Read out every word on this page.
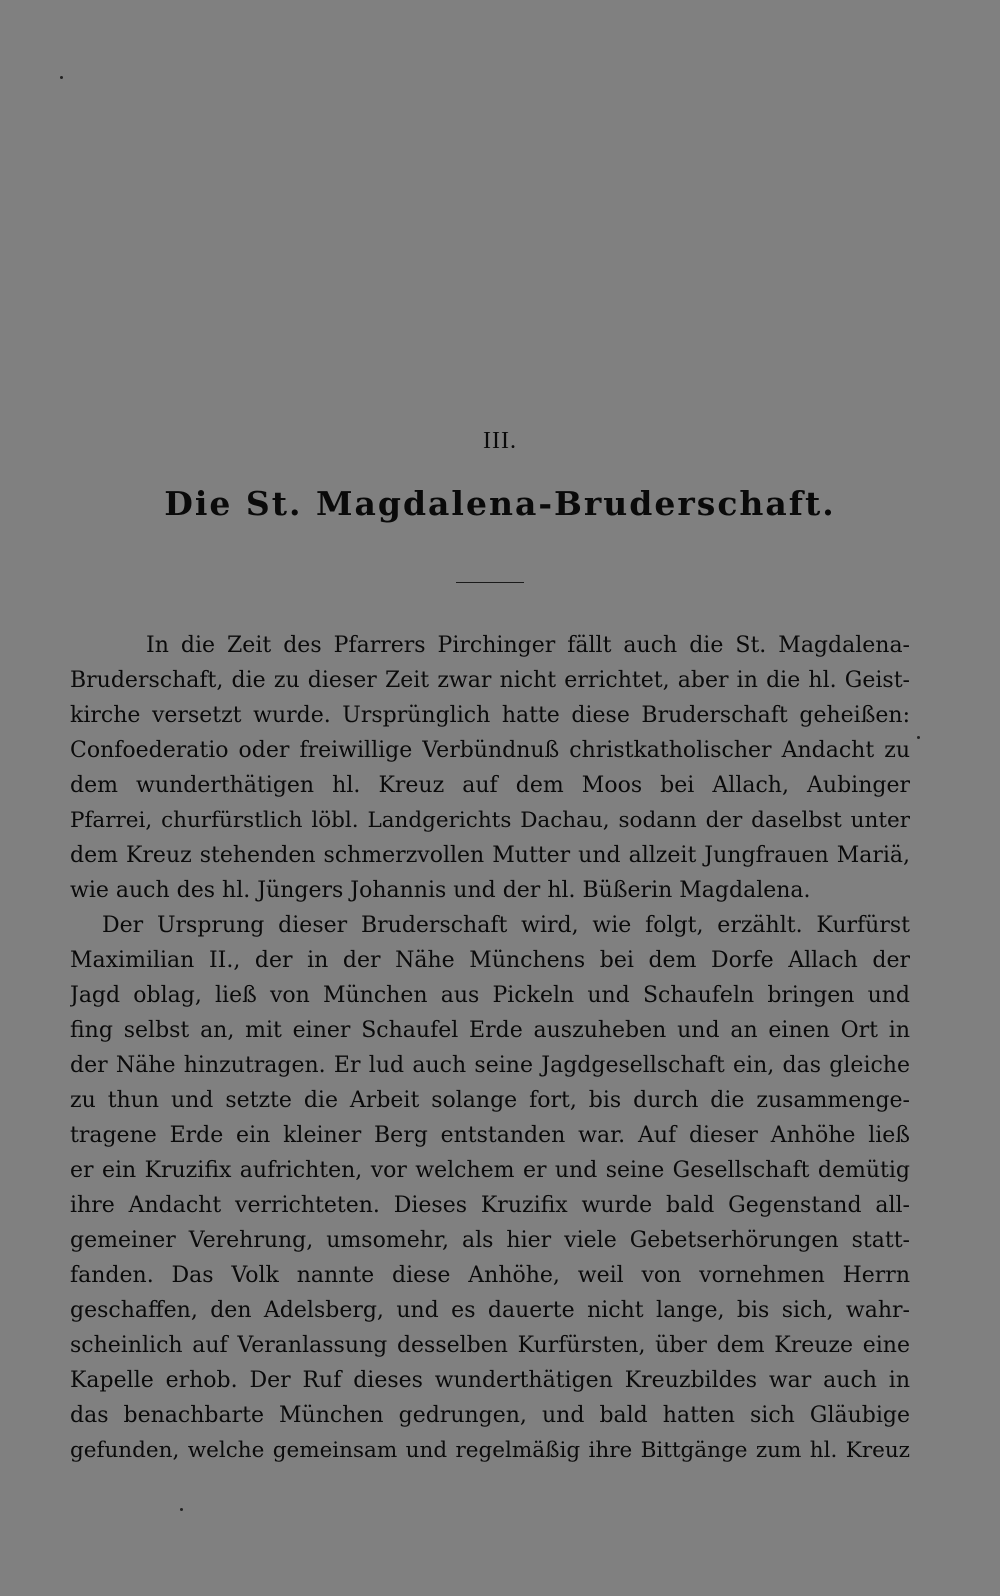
III.
Die St. Magdalena-Bruderschaft.
In die Zeit des Pfarrers Pirchinger fällt auch die St. Magdalena-
Bruderschaft, die zu dieser Zeit zwar nicht errichtet, aber in die hl. Geist-
kirche versetzt wurde. Ursprünglich hatte diese Bruderschaft geheißen:
Confoederatio oder freiwillige Verbündnuß christkatholischer Andacht zu
dem wunderthätigen hl. Kreuz auf dem Moos bei Allach, Aubinger
Pfarrei, churfürstlich löbl. Landgerichts Dachau, sodann der daselbst unter
dem Kreuz stehenden schmerzvollen Mutter und allzeit Jungfrauen Mariä,
wie auch des hl. Jüngers Johannis und der hl. Büßerin Magdalena.
Der Ursprung dieser Bruderschaft wird, wie folgt, erzählt. Kurfürst
Maximilian II., der in der Nähe Münchens bei dem Dorfe Allach der
Jagd oblag, ließ von München aus Pickeln und Schaufeln bringen und
fing selbst an, mit einer Schaufel Erde auszuheben und an einen Ort in
der Nähe hinzutragen. Er lud auch seine Jagdgesellschaft ein, das gleiche
zu thun und setzte die Arbeit solange fort, bis durch die zusammenge-
tragene Erde ein kleiner Berg entstanden war. Auf dieser Anhöhe ließ
er ein Kruzifix aufrichten, vor welchem er und seine Gesellschaft demütig
ihre Andacht verrichteten. Dieses Kruzifix wurde bald Gegenstand all-
gemeiner Verehrung, umsomehr, als hier viele Gebetserhörungen statt-
fanden. Das Volk nannte diese Anhöhe, weil von vornehmen Herrn
geschaffen, den Adelsberg, und es dauerte nicht lange, bis sich, wahr-
scheinlich auf Veranlassung desselben Kurfürsten, über dem Kreuze eine
Kapelle erhob. Der Ruf dieses wunderthätigen Kreuzbildes war auch in
das benachbarte München gedrungen, und bald hatten sich Gläubige
gefunden, welche gemeinsam und regelmäßig ihre Bittgänge zum hl. Kreuz
